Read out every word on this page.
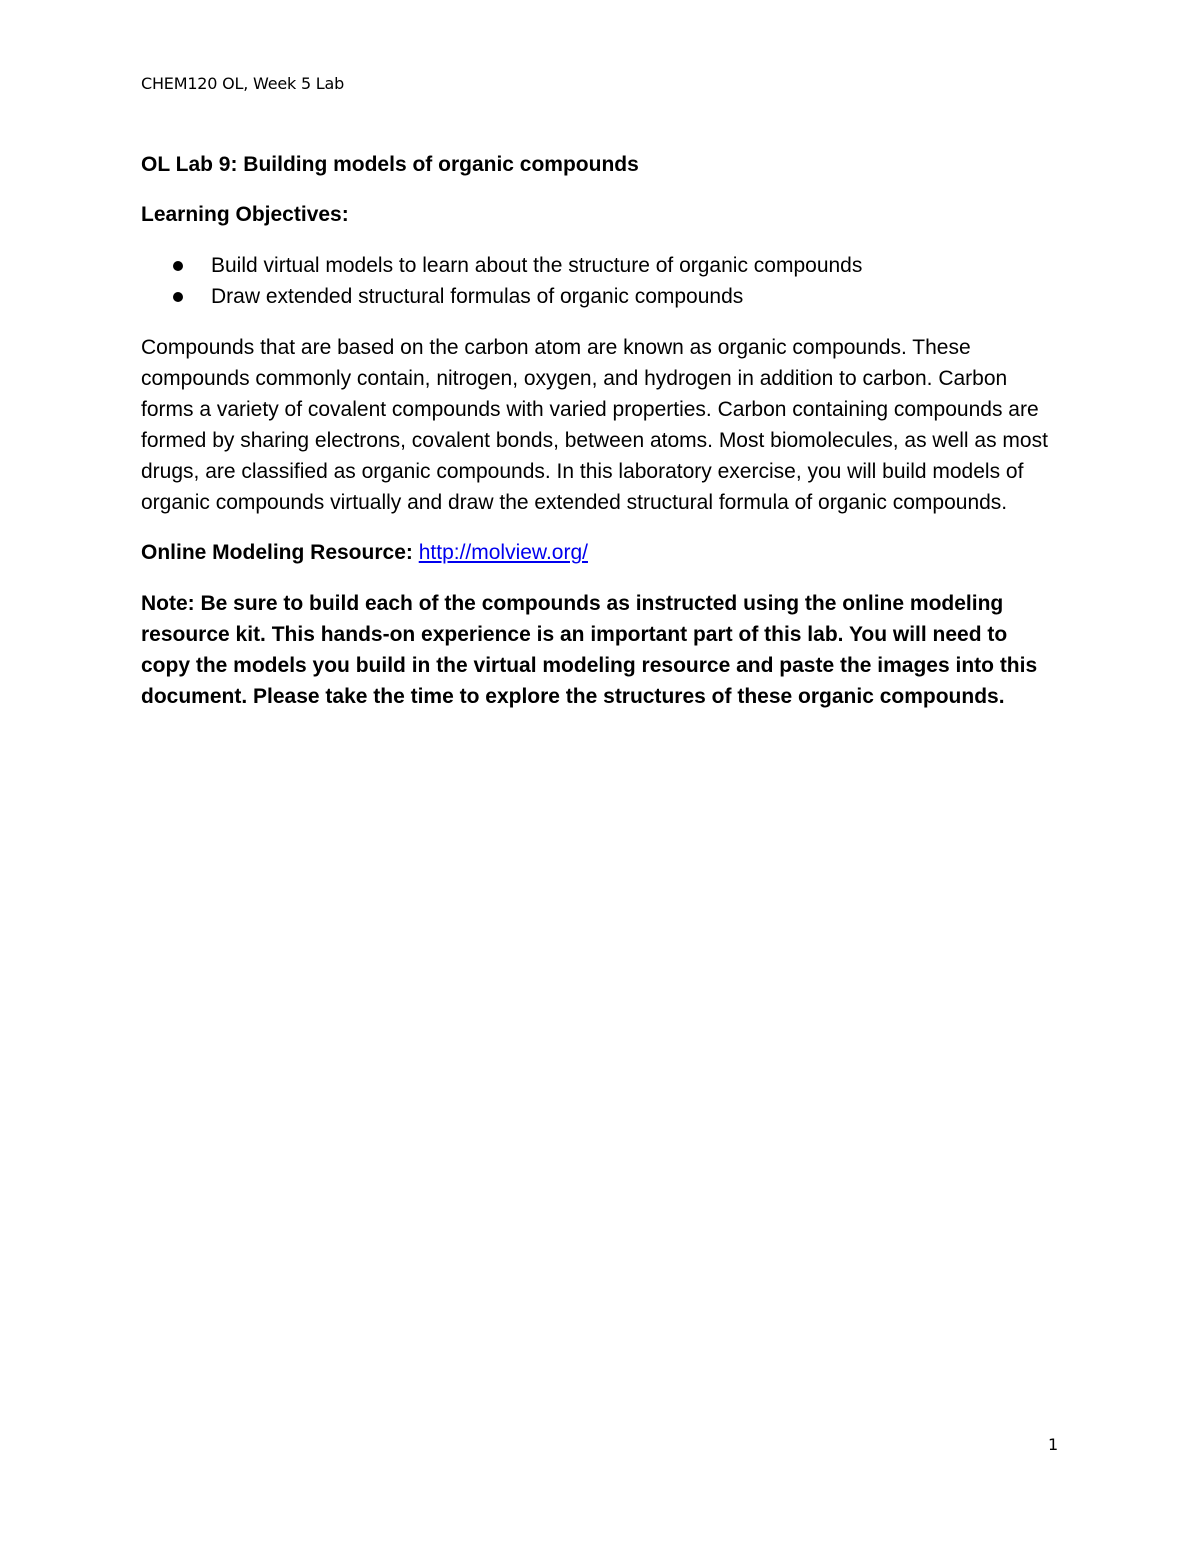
CHEM120 OL, Week 5 Lab
OL Lab 9: Building models of organic compounds
Learning Objectives:
Build virtual models to learn about the structure of organic compounds
Draw extended structural formulas of organic compounds

Compounds that are based on the carbon atom are known as organic compounds. These compounds commonly contain, nitrogen, oxygen, and hydrogen in addition to carbon. Carbon forms a variety of covalent compounds with varied properties. Carbon containing compounds are formed by sharing electrons, covalent bonds, between atoms. Most biomolecules, as well as most drugs, are classified as organic compounds. In this laboratory exercise, you will build models of organic compounds virtually and draw the extended structural formula of organic compounds.

Online Modeling Resource: http://molview.org/

Note: Be sure to build each of the compounds as instructed using the online modeling resource kit. This hands-on experience is an important part of this lab. You will need to copy the models you build in the virtual modeling resource and paste the images into this document. Please take the time to explore the structures of these organic compounds.

1
